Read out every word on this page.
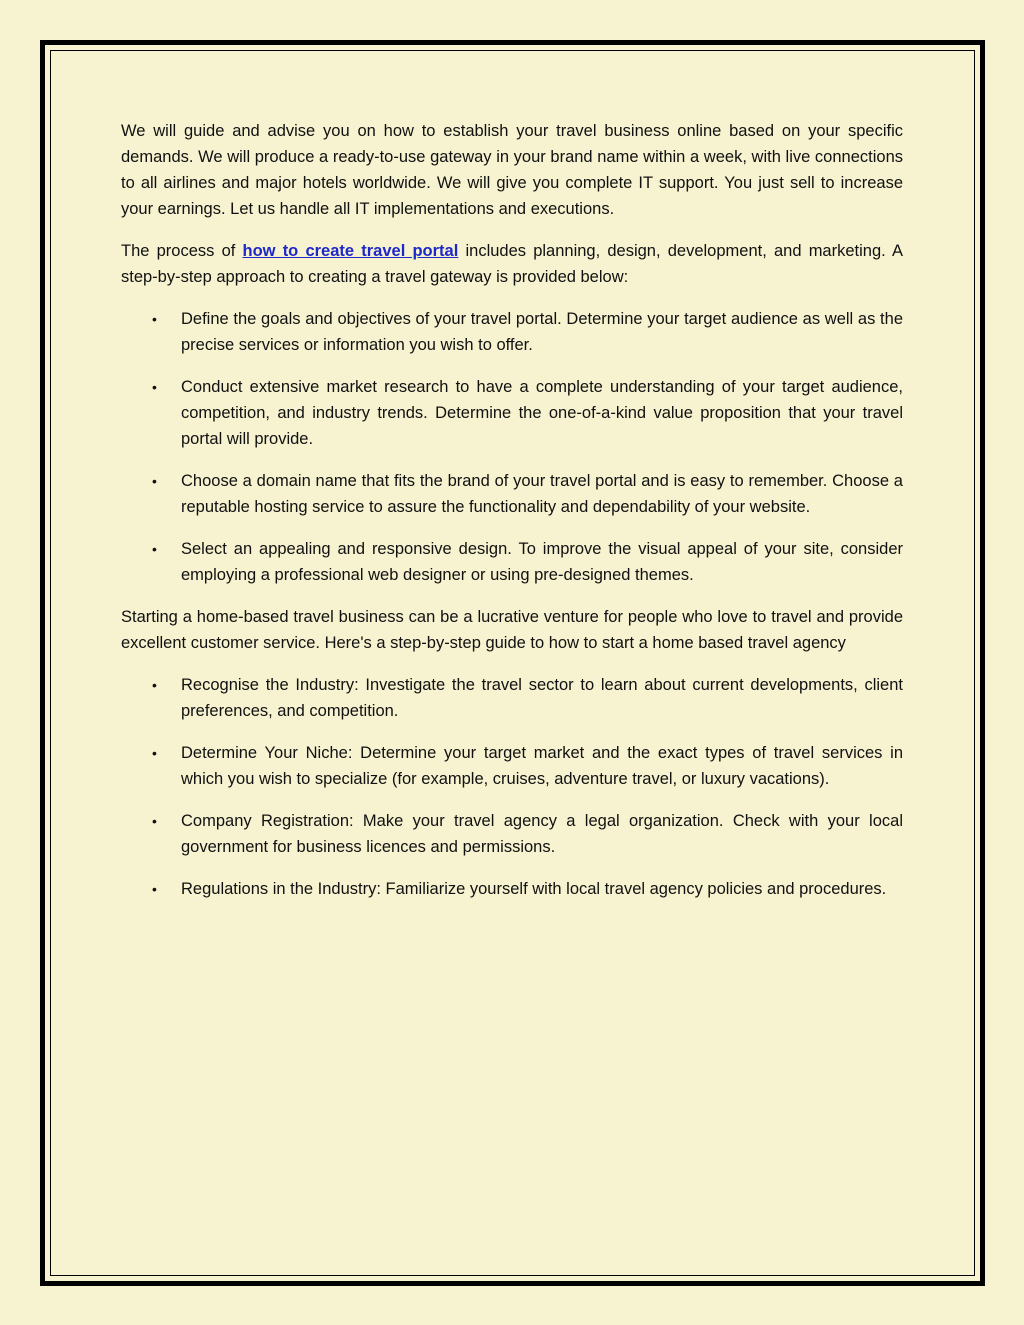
We will guide and advise you on how to establish your travel business online based on your specific demands. We will produce a ready-to-use gateway in your brand name within a week, with live connections to all airlines and major hotels worldwide. We will give you complete IT support. You just sell to increase your earnings. Let us handle all IT implementations and executions.

The process of how to create travel portal includes planning, design, development, and marketing. A step-by-step approach to creating a travel gateway is provided below:

• Define the goals and objectives of your travel portal. Determine your target audience as well as the precise services or information you wish to offer.
• Conduct extensive market research to have a complete understanding of your target audience, competition, and industry trends. Determine the one-of-a-kind value proposition that your travel portal will provide.
• Choose a domain name that fits the brand of your travel portal and is easy to remember. Choose a reputable hosting service to assure the functionality and dependability of your website.
• Select an appealing and responsive design. To improve the visual appeal of your site, consider employing a professional web designer or using pre-designed themes.

Starting a home-based travel business can be a lucrative venture for people who love to travel and provide excellent customer service. Here's a step-by-step guide to how to start a home based travel agency

• Recognise the Industry: Investigate the travel sector to learn about current developments, client preferences, and competition.
• Determine Your Niche: Determine your target market and the exact types of travel services in which you wish to specialize (for example, cruises, adventure travel, or luxury vacations).
• Company Registration: Make your travel agency a legal organization. Check with your local government for business licences and permissions.
• Regulations in the Industry: Familiarize yourself with local travel agency policies and procedures.
